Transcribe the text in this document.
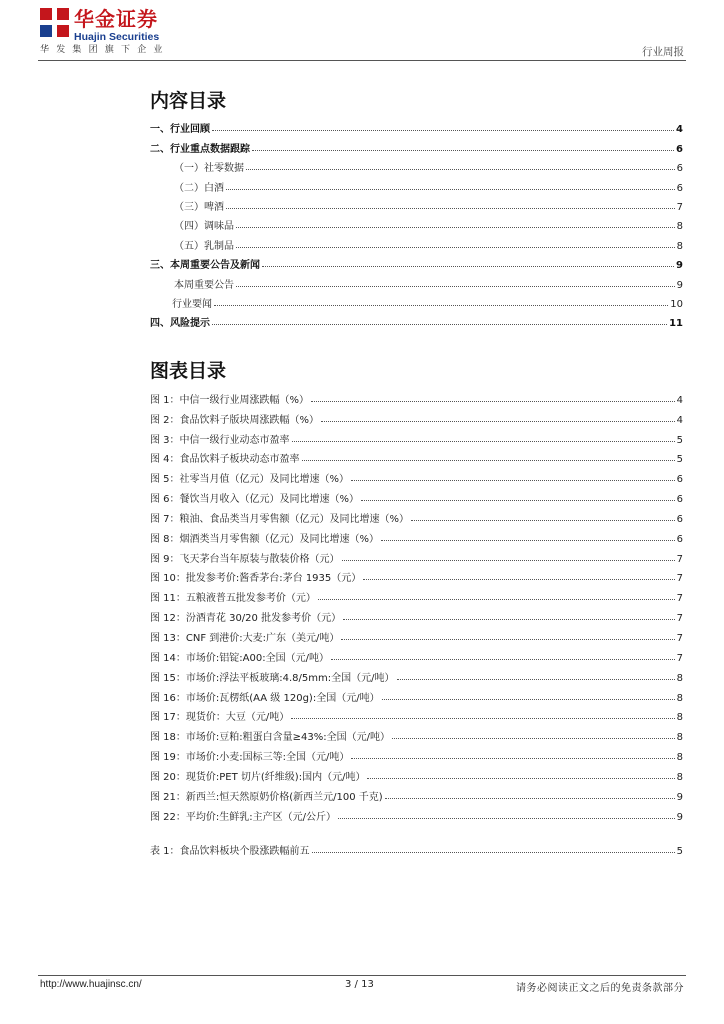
华金证券
Huajin Securities
华发集团旗下企业	行业周报
内容目录
一、行业回顾	4
二、行业重点数据跟踪	6
（一）社零数据	6
（二）白酒	6
（三）啤酒	7
（四）调味品	8
（五）乳制品	8
三、本周重要公告及新闻	9
本周重要公告	9
行业要闻	10
四、风险提示	11
图表目录
图 1：中信一级行业周涨跌幅（%）	4
图 2：食品饮料子版块周涨跌幅（%）	4
图 3：中信一级行业动态市盈率	5
图 4：食品饮料子板块动态市盈率	5
图 5：社零当月值（亿元）及同比增速（%）	6
图 6：餐饮当月收入（亿元）及同比增速（%）	6
图 7：粮油、食品类当月零售额（亿元）及同比增速（%）	6
图 8：烟酒类当月零售额（亿元）及同比增速（%）	6
图 9：飞天茅台当年原装与散装价格（元）	7
图 10：批发参考价:酱香茅台:茅台 1935（元）	7
图 11：五粮液普五批发参考价（元）	7
图 12：汾酒青花 30/20 批发参考价（元）	7
图 13：CNF 到港价:大麦:广东（美元/吨）	7
图 14：市场价:铝锭:A00:全国（元/吨）	7
图 15：市场价:浮法平板玻璃:4.8/5mm:全国（元/吨）	8
图 16：市场价:瓦楞纸(AA 级 120g):全国（元/吨）	8
图 17：现货价：大豆（元/吨）	8
图 18：市场价:豆粕:粗蛋白含量≥43%:全国（元/吨）	8
图 19：市场价:小麦:国标三等:全国（元/吨）	8
图 20：现货价:PET 切片(纤维级):国内（元/吨）	8
图 21：新西兰:恒天然原奶价格(新西兰元/100 千克)	9
图 22：平均价:生鲜乳:主产区（元/公斤）	9
表 1：食品饮料板块个股涨跌幅前五	5
http://www.huajinsc.cn/	3 / 13	请务必阅读正文之后的免责条款部分
